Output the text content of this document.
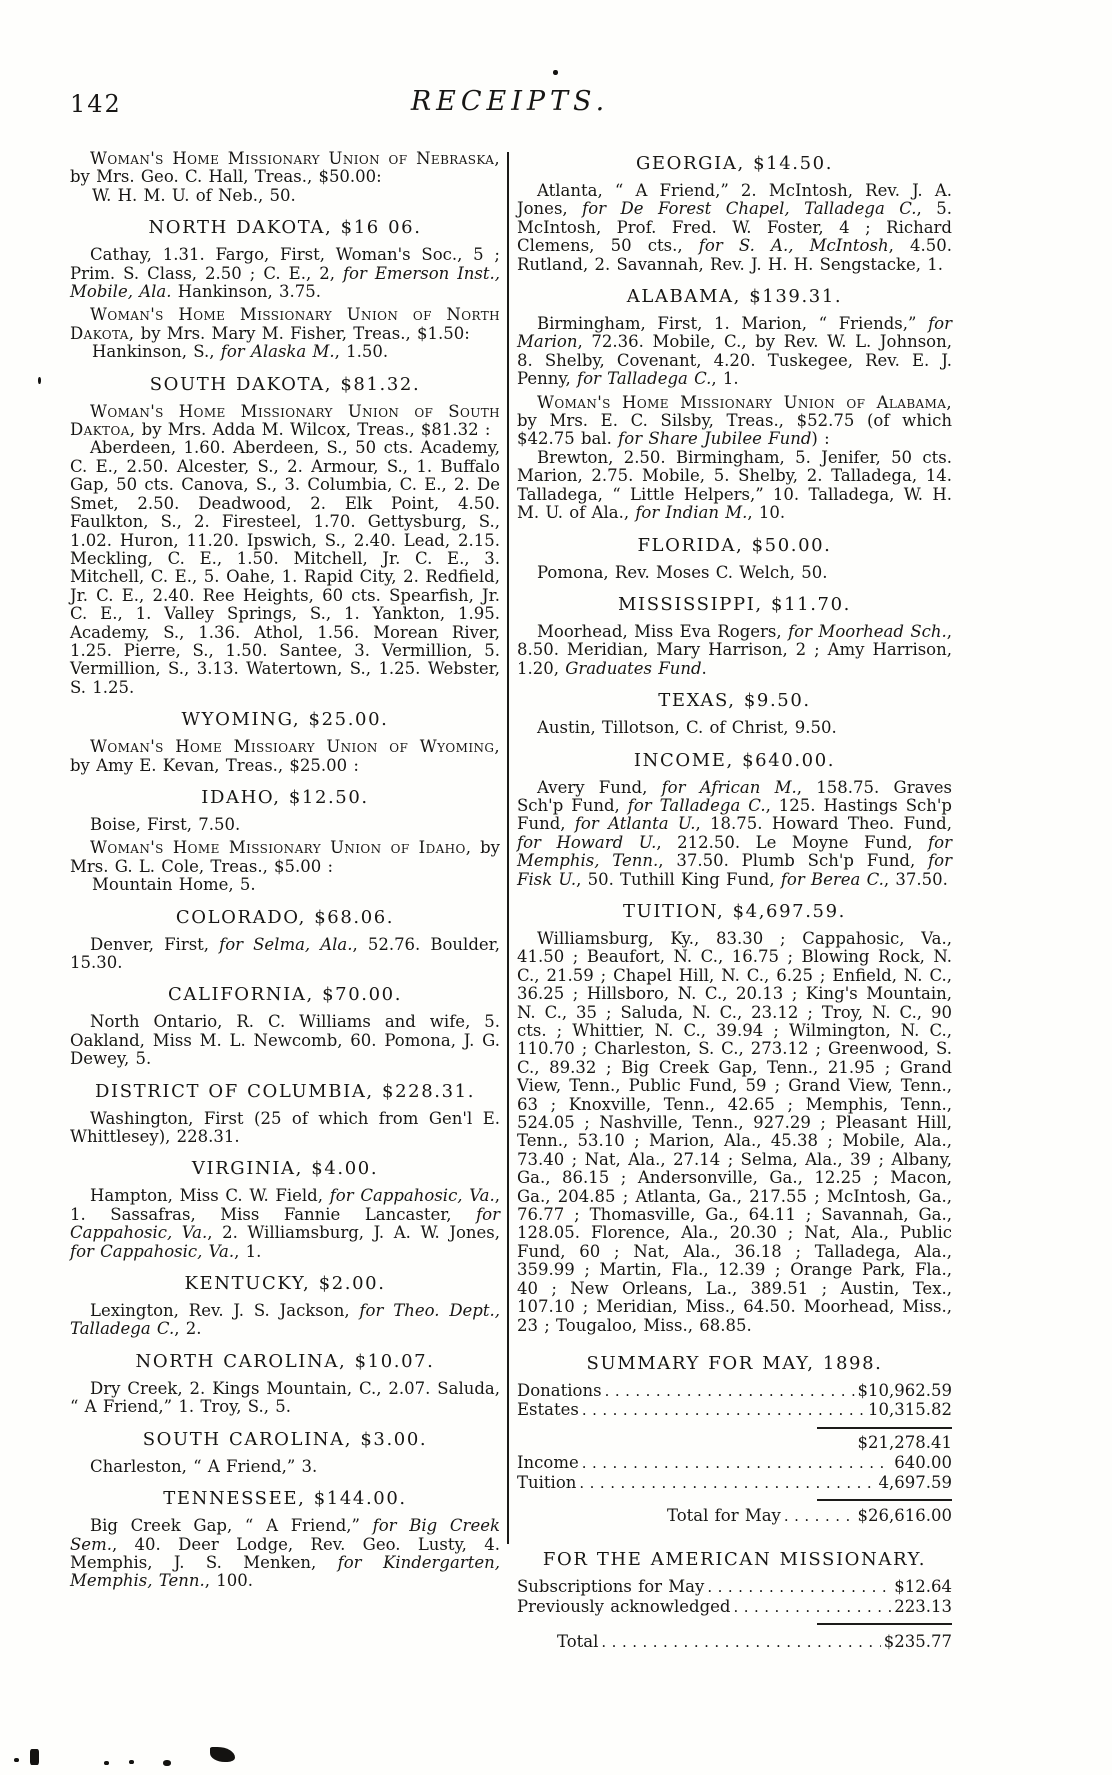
142	RECEIPTS.

Woman's Home Missionary Union of Nebraska, by Mrs. Geo. C. Hall, Treas., $50.00:

W. H. M. U. of Neb., 50.

NORTH DAKOTA, $16 06.

Cathay, 1.31. Fargo, First, Woman's Soc., 5 ; Prim. S. Class, 2.50 ; C. E., 2, for Emerson Inst., Mobile, Ala. Hankinson, 3.75.

Woman's Home Missionary Union of North Dakota, by Mrs. Mary M. Fisher, Treas., $1.50:

Hankinson, S., for Alaska M., 1.50.

SOUTH DAKOTA, $81.32.

Woman's Home Missionary Union of South Daktoa, by Mrs. Adda M. Wilcox, Treas., $81.32 :

Aberdeen, 1.60. Aberdeen, S., 50 cts. Academy, C. E., 2.50. Alcester, S., 2. Armour, S., 1. Buffalo Gap, 50 cts. Canova, S., 3. Columbia, C. E., 2. De Smet, 2.50. Deadwood, 2. Elk Point, 4.50. Faulkton, S., 2. Firesteel, 1.70. Gettysburg, S., 1.02. Huron, 11.20. Ipswich, S., 2.40. Lead, 2.15. Meckling, C. E., 1.50. Mitchell, Jr. C. E., 3. Mitchell, C. E., 5. Oahe, 1. Rapid City, 2. Redfield, Jr. C. E., 2.40. Ree Heights, 60 cts. Spearfish, Jr. C. E., 1. Valley Springs, S., 1. Yankton, 1.95. Academy, S., 1.36. Athol, 1.56. Morean River, 1.25. Pierre, S., 1.50. Santee, 3. Vermillion, 5. Vermillion, S., 3.13. Watertown, S., 1.25. Webster, S. 1.25.

WYOMING, $25.00.

Woman's Home Missioary Union of Wyoming, by Amy E. Kevan, Treas., $25.00 :

IDAHO, $12.50.

Boise, First, 7.50.

Woman's Home Missionary Union of Idaho, by Mrs. G. L. Cole, Treas., $5.00 :

Mountain Home, 5.

COLORADO, $68.06.

Denver, First, for Selma, Ala., 52.76. Boulder, 15.30.

CALIFORNIA, $70.00.

North Ontario, R. C. Williams and wife, 5. Oakland, Miss M. L. Newcomb, 60. Pomona, J. G. Dewey, 5.

DISTRICT OF COLUMBIA, $228.31.

Washington, First (25 of which from Gen'l E. Whittlesey), 228.31.

VIRGINIA, $4.00.

Hampton, Miss C. W. Field, for Cappahosic, Va., 1. Sassafras, Miss Fannie Lancaster, for Cappahosic, Va., 2. Williamsburg, J. A. W. Jones, for Cappahosic, Va., 1.

KENTUCKY, $2.00.

Lexington, Rev. J. S. Jackson, for Theo. Dept., Talladega C., 2.

NORTH CAROLINA, $10.07.

Dry Creek, 2. Kings Mountain, C., 2.07. Saluda, “ A Friend,” 1. Troy, S., 5.

SOUTH CAROLINA, $3.00.

Charleston, “ A Friend,” 3.

TENNESSEE, $144.00.

Big Creek Gap, “ A Friend,” for Big Creek Sem., 40. Deer Lodge, Rev. Geo. Lusty, 4. Memphis, J. S. Menken, for Kindergarten, Memphis, Tenn., 100.

GEORGIA, $14.50.

Atlanta, “ A Friend,” 2. McIntosh, Rev. J. A. Jones, for De Forest Chapel, Talladega C., 5. McIntosh, Prof. Fred. W. Foster, 4 ; Richard Clemens, 50 cts., for S. A., McIntosh, 4.50. Rutland, 2. Savannah, Rev. J. H. H. Sengstacke, 1.

ALABAMA, $139.31.

Birmingham, First, 1. Marion, “ Friends,” for Marion, 72.36. Mobile, C., by Rev. W. L. Johnson, 8. Shelby, Covenant, 4.20. Tuskegee, Rev. E. J. Penny, for Talladega C., 1.

Woman's Home Missionary Union of Alabama, by Mrs. E. C. Silsby, Treas., $52.75 (of which $42.75 bal. for Share Jubilee Fund) :

Brewton, 2.50. Birmingham, 5. Jenifer, 50 cts. Marion, 2.75. Mobile, 5. Shelby, 2. Talladega, 14. Talladega, “ Little Helpers,” 10. Talladega, W. H. M. U. of Ala., for Indian M., 10.

FLORIDA, $50.00.

Pomona, Rev. Moses C. Welch, 50.

MISSISSIPPI, $11.70.

Moorhead, Miss Eva Rogers, for Moorhead Sch., 8.50. Meridian, Mary Harrison, 2 ; Amy Harrison, 1.20, Graduates Fund.

TEXAS, $9.50.

Austin, Tillotson, C. of Christ, 9.50.

INCOME, $640.00.

Avery Fund, for African M., 158.75. Graves Sch'p Fund, for Talladega C., 125. Hastings Sch'p Fund, for Atlanta U., 18.75. Howard Theo. Fund, for Howard U., 212.50. Le Moyne Fund, for Memphis, Tenn., 37.50. Plumb Sch'p Fund, for Fisk U., 50. Tuthill King Fund, for Berea C., 37.50.

TUITION, $4,697.59.

Williamsburg, Ky., 83.30 ; Cappahosic, Va., 41.50 ; Beaufort, N. C., 16.75 ; Blowing Rock, N. C., 21.59 ; Chapel Hill, N. C., 6.25 ; Enfield, N. C., 36.25 ; Hillsboro, N. C., 20.13 ; King's Mountain, N. C., 35 ; Saluda, N. C., 23.12 ; Troy, N. C., 90 cts. ; Whittier, N. C., 39.94 ; Wilmington, N. C., 110.70 ; Charleston, S. C., 273.12 ; Greenwood, S. C., 89.32 ; Big Creek Gap, Tenn., 21.95 ; Grand View, Tenn., Public Fund, 59 ; Grand View, Tenn., 63 ; Knoxville, Tenn., 42.65 ; Memphis, Tenn., 524.05 ; Nashville, Tenn., 927.29 ; Pleasant Hill, Tenn., 53.10 ; Marion, Ala., 45.38 ; Mobile, Ala., 73.40 ; Nat, Ala., 27.14 ; Selma, Ala., 39 ; Albany, Ga., 86.15 ; Andersonville, Ga., 12.25 ; Macon, Ga., 204.85 ; Atlanta, Ga., 217.55 ; McIntosh, Ga., 76.77 ; Thomasville, Ga., 64.11 ; Savannah, Ga., 128.05. Florence, Ala., 20.30 ; Nat, Ala., Public Fund, 60 ; Nat, Ala., 36.18 ; Talladega, Ala., 359.99 ; Martin, Fla., 12.39 ; Orange Park, Fla., 40 ; New Orleans, La., 389.51 ; Austin, Tex., 107.10 ; Meridian, Miss., 64.50. Moorhead, Miss., 23 ; Tougaloo, Miss., 68.85.

SUMMARY FOR MAY, 1898.
Donations .....	$10,962.59
Estates .....	10,315.82
$21,278.41
Income .....	640.00
Tuition .....	4,697.59
Total for May .....	$26,616.00
FOR THE AMERICAN MISSIONARY.
Subscriptions for May .....	$12.64
Previously acknowledged .....	223.13
Total .....	$235.77
